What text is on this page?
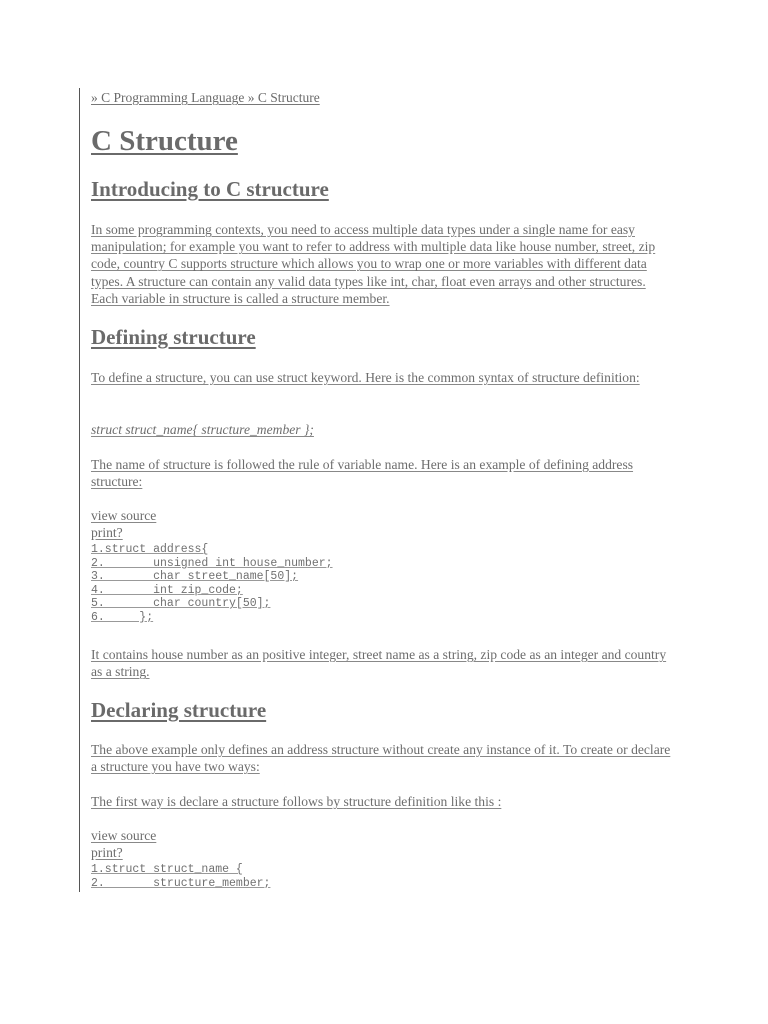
» C Programming Language » C Structure
C Structure
Introducing to C structure

In some programming contexts, you need to access multiple data types under a single name for easy manipulation; for example you want to refer to address with multiple data like house number, street, zip code, country C supports structure which allows you to wrap one or more variables with different data types. A structure can contain any valid data types like int, char, float even arrays and other structures. Each variable in structure is called a structure member.

Defining structure

To define a structure, you can use struct keyword. Here is the common syntax of structure definition:

struct struct_name{ structure_member };

The name of structure is followed the rule of variable name. Here is an example of defining address structure:

view source
print?
1.struct address{
2.       unsigned int house_number;
3.       char street_name[50];
4.       int zip_code;
5.       char country[50];
6.     };

It contains house number as an positive integer, street name as a string, zip code as an integer and country as a string.

Declaring structure

The above example only defines an address structure without create any instance of it. To create or declare a structure you have two ways:

The first way is declare a structure follows by structure definition like this :

view source
print?
1.struct struct_name {
2.       structure_member;
